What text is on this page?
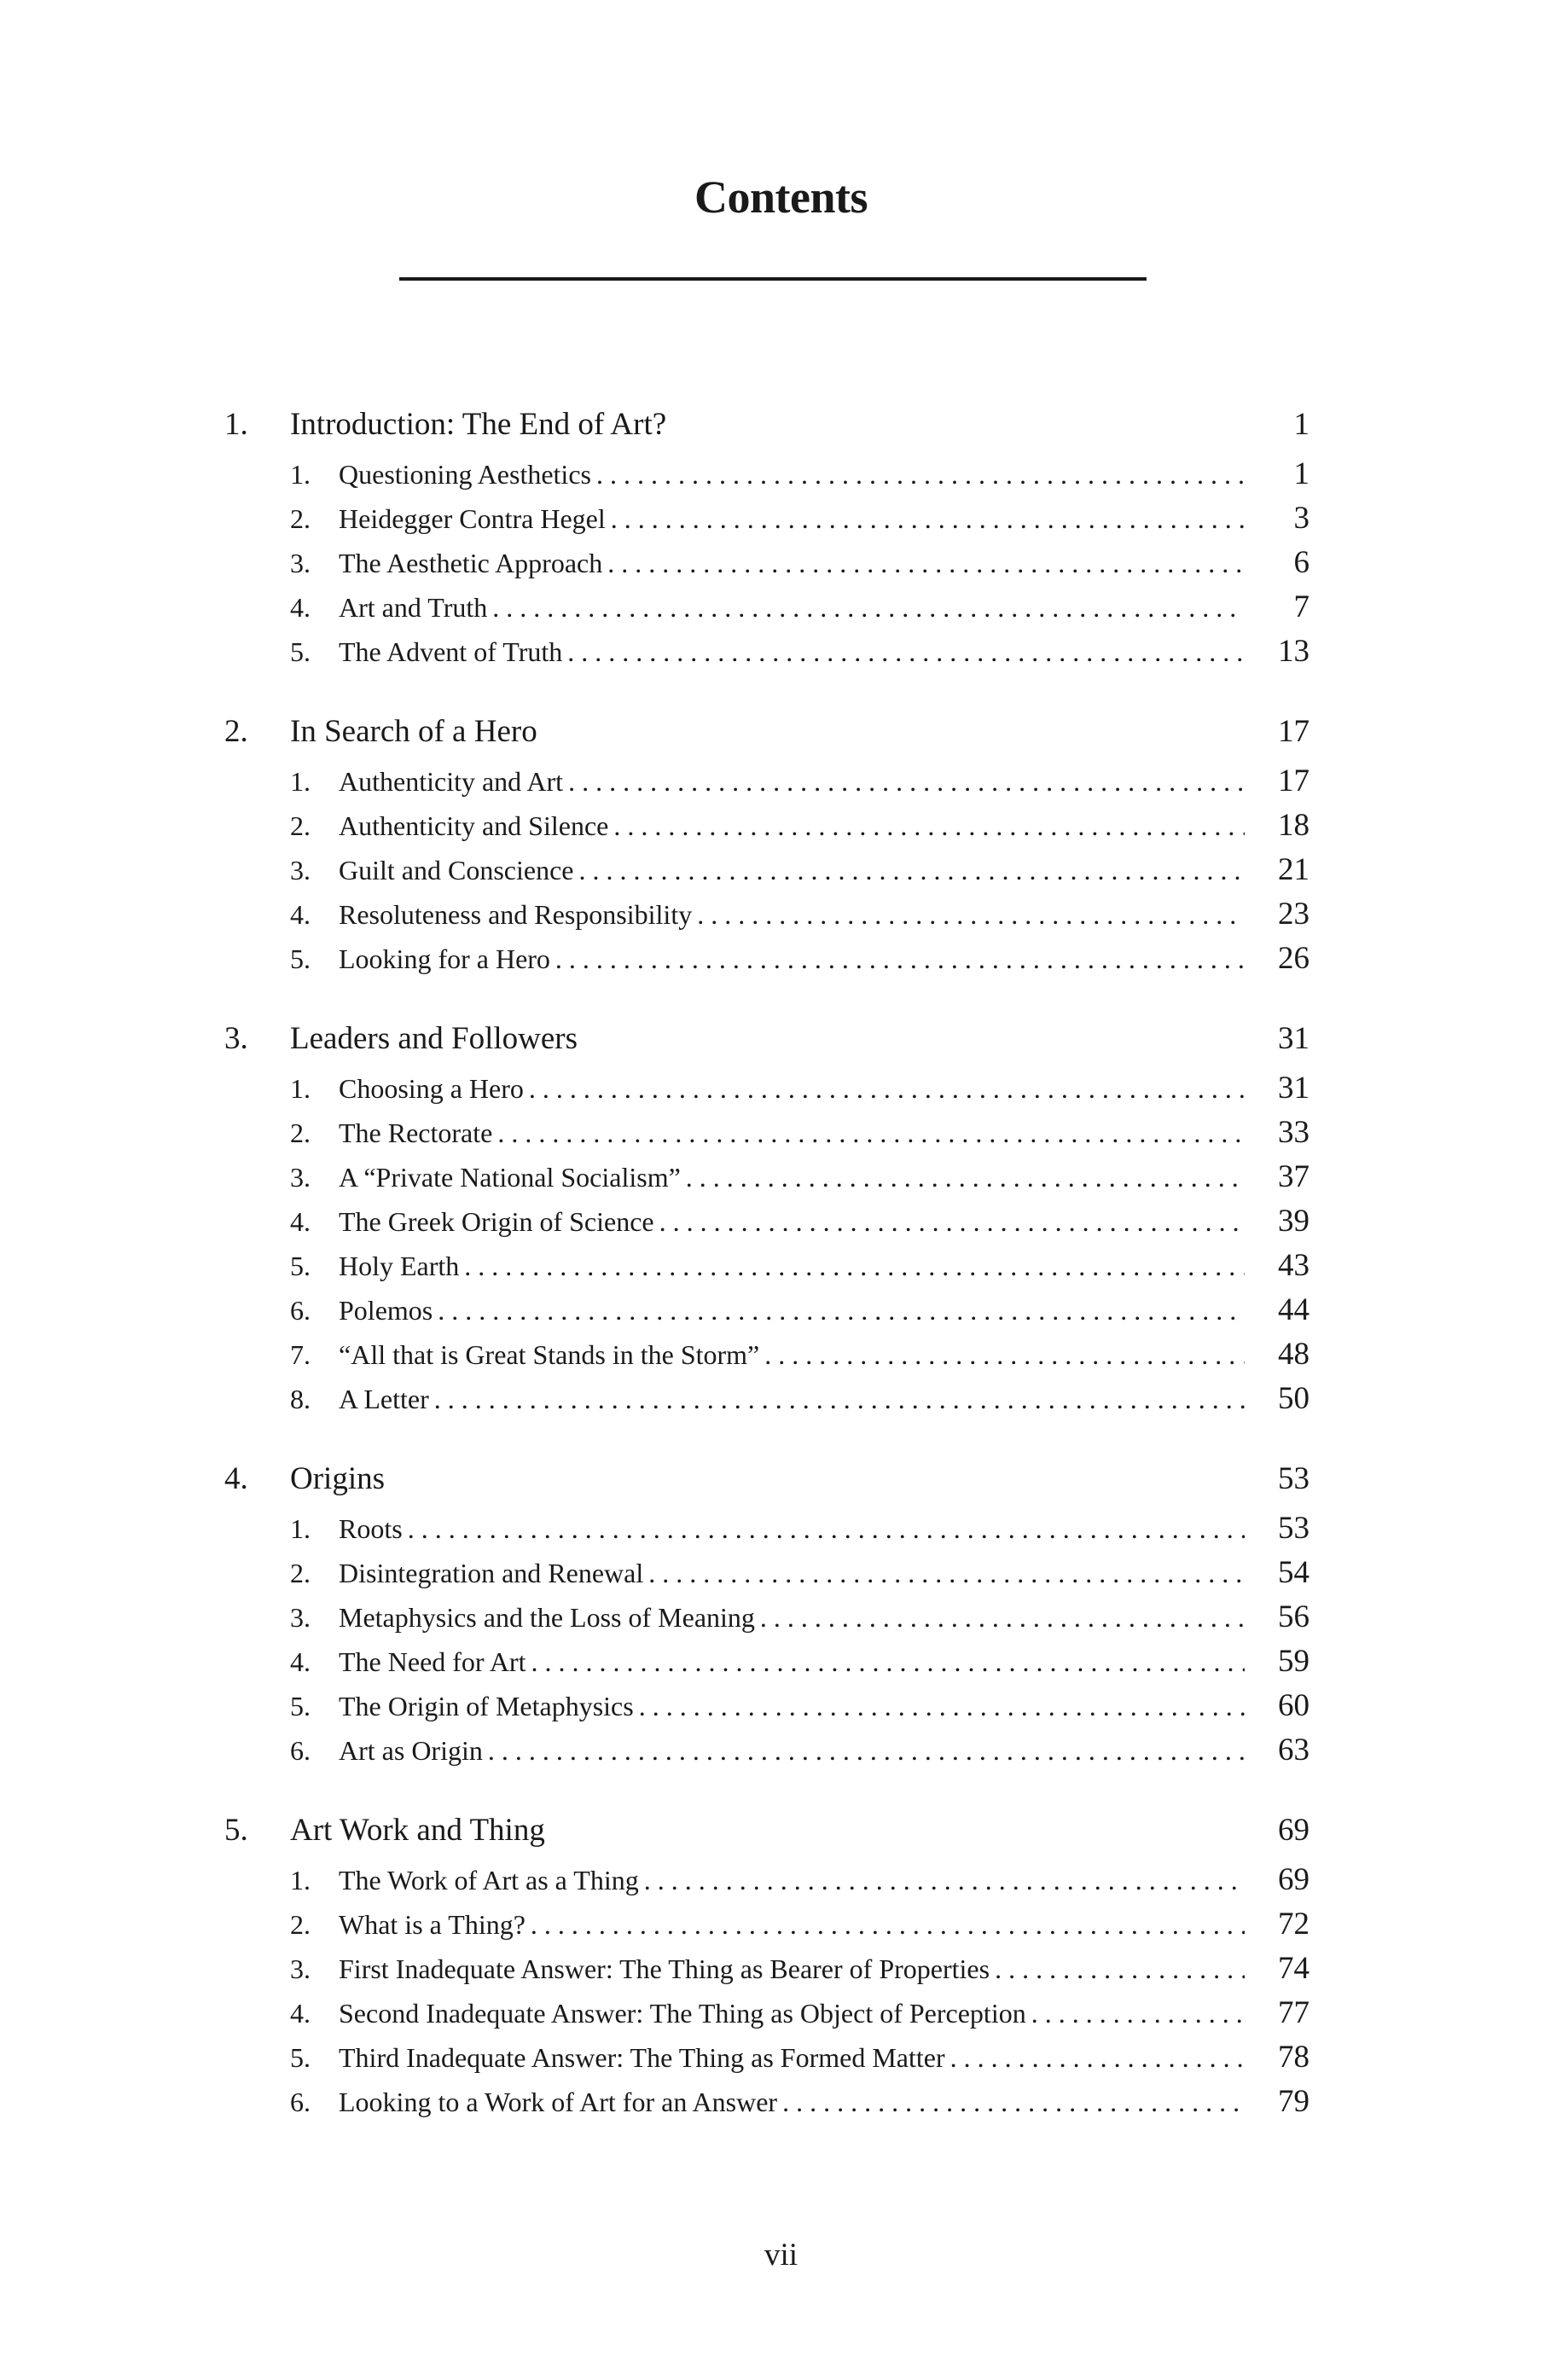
Contents
1.	Introduction: The End of Art?	1
1.	Questioning Aesthetics . . .	1
2.	Heidegger Contra Hegel . . .	3
3.	The Aesthetic Approach . . .	6
4.	Art and Truth . . .	7
5.	The Advent of Truth . . .	13
2.	In Search of a Hero	17
1.	Authenticity and Art . . .	17
2.	Authenticity and Silence . . .	18
3.	Guilt and Conscience . . .	21
4.	Resoluteness and Responsibility . . .	23
5.	Looking for a Hero . . .	26
3.	Leaders and Followers	31
1.	Choosing a Hero . . .	31
2.	The Rectorate . . .	33
3.	A “Private National Socialism” . . .	37
4.	The Greek Origin of Science . . .	39
5.	Holy Earth . . .	43
6.	Polemos . . .	44
7.	“All that is Great Stands in the Storm” . . .	48
8.	A Letter . . .	50
4.	Origins	53
1.	Roots . . .	53
2.	Disintegration and Renewal . . .	54
3.	Metaphysics and the Loss of Meaning . . .	56
4.	The Need for Art . . .	59
5.	The Origin of Metaphysics . . .	60
6.	Art as Origin . . .	63
5.	Art Work and Thing	69
1.	The Work of Art as a Thing . . .	69
2.	What is a Thing? . . .	72
3.	First Inadequate Answer: The Thing as Bearer of Properties . . .	74
4.	Second Inadequate Answer: The Thing as Object of Perception . . .	77
5.	Third Inadequate Answer: The Thing as Formed Matter . . .	78
6.	Looking to a Work of Art for an Answer . . .	79
vii
